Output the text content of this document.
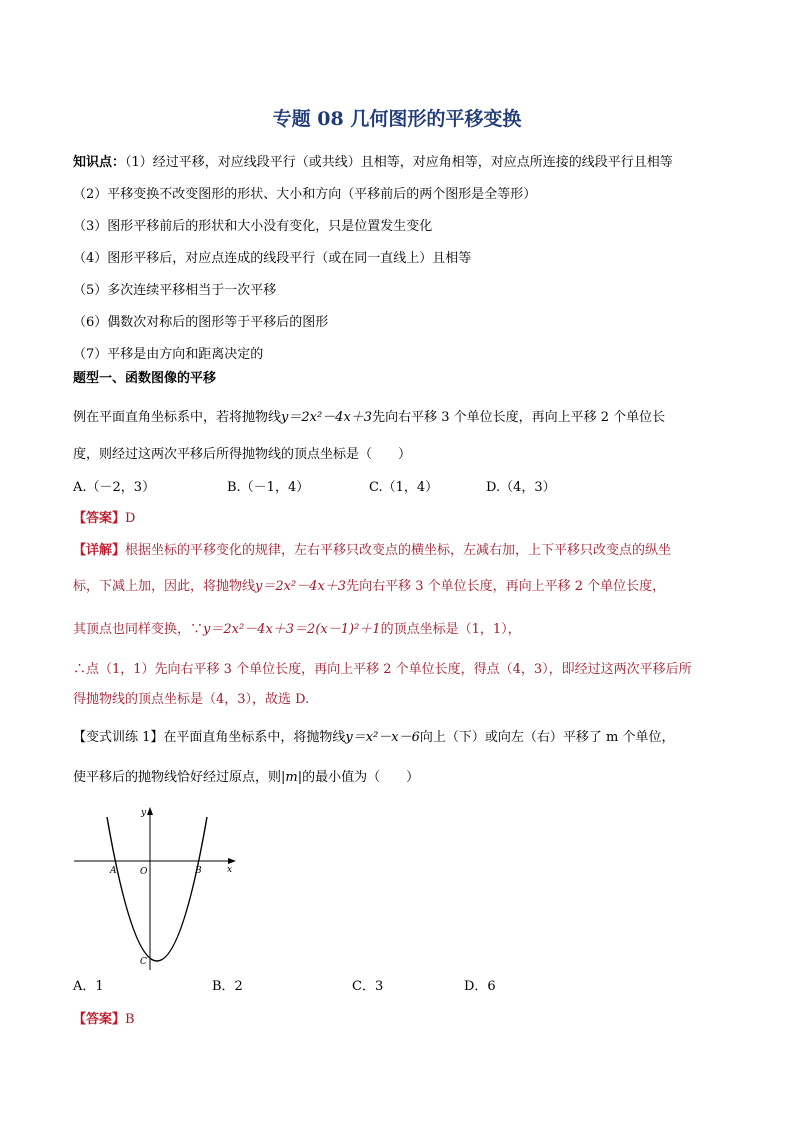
专题 08 几何图形的平移变换
知识点：（1）经过平移，对应线段平行（或共线）且相等，对应角相等，对应点所连接的线段平行且相等
（2）平移变换不改变图形的形状、大小和方向（平移前后的两个图形是全等形）
（3）图形平移前后的形状和大小没有变化，只是位置发生变化
（4）图形平移后，对应点连成的线段平行（或在同一直线上）且相等
（5）多次连续平移相当于一次平移
（6）偶数次对称后的图形等于平移后的图形
（7）平移是由方向和距离决定的
题型一、函数图像的平移
例在平面直角坐标系中，若将抛物线y＝2x²－4x＋3先向右平移 3 个单位长度，再向上平移 2 个单位长
度，则经过这两次平移后所得抛物线的顶点坐标是（　　）
A.（－2，3）	B.（－1，4）	C.（1，4）	D.（4，3）
【答案】D
【详解】根据坐标的平移变化的规律，左右平移只改变点的横坐标，左减右加，上下平移只改变点的纵坐
标，下减上加，因此，将抛物线y＝2x²－4x＋3先向右平移 3 个单位长度，再向上平移 2 个单位长度，
其顶点也同样变换，∵y＝2x²－4x＋3＝2(x－1)²＋1的顶点坐标是（1，1），
∴点（1，1）先向右平移 3 个单位长度，再向上平移 2 个单位长度，得点（4，3），即经过这两次平移后所
得抛物线的顶点坐标是（4，3），故选 D.
【变式训练 1】在平面直角坐标系中，将抛物线y＝x²－x－6向上（下）或向左（右）平移了 m 个单位，
使平移后的抛物线恰好经过原点，则|m|的最小值为（　　）
y
x
O
A	B
C
A．1	B．2	C．3	D．6
【答案】B
